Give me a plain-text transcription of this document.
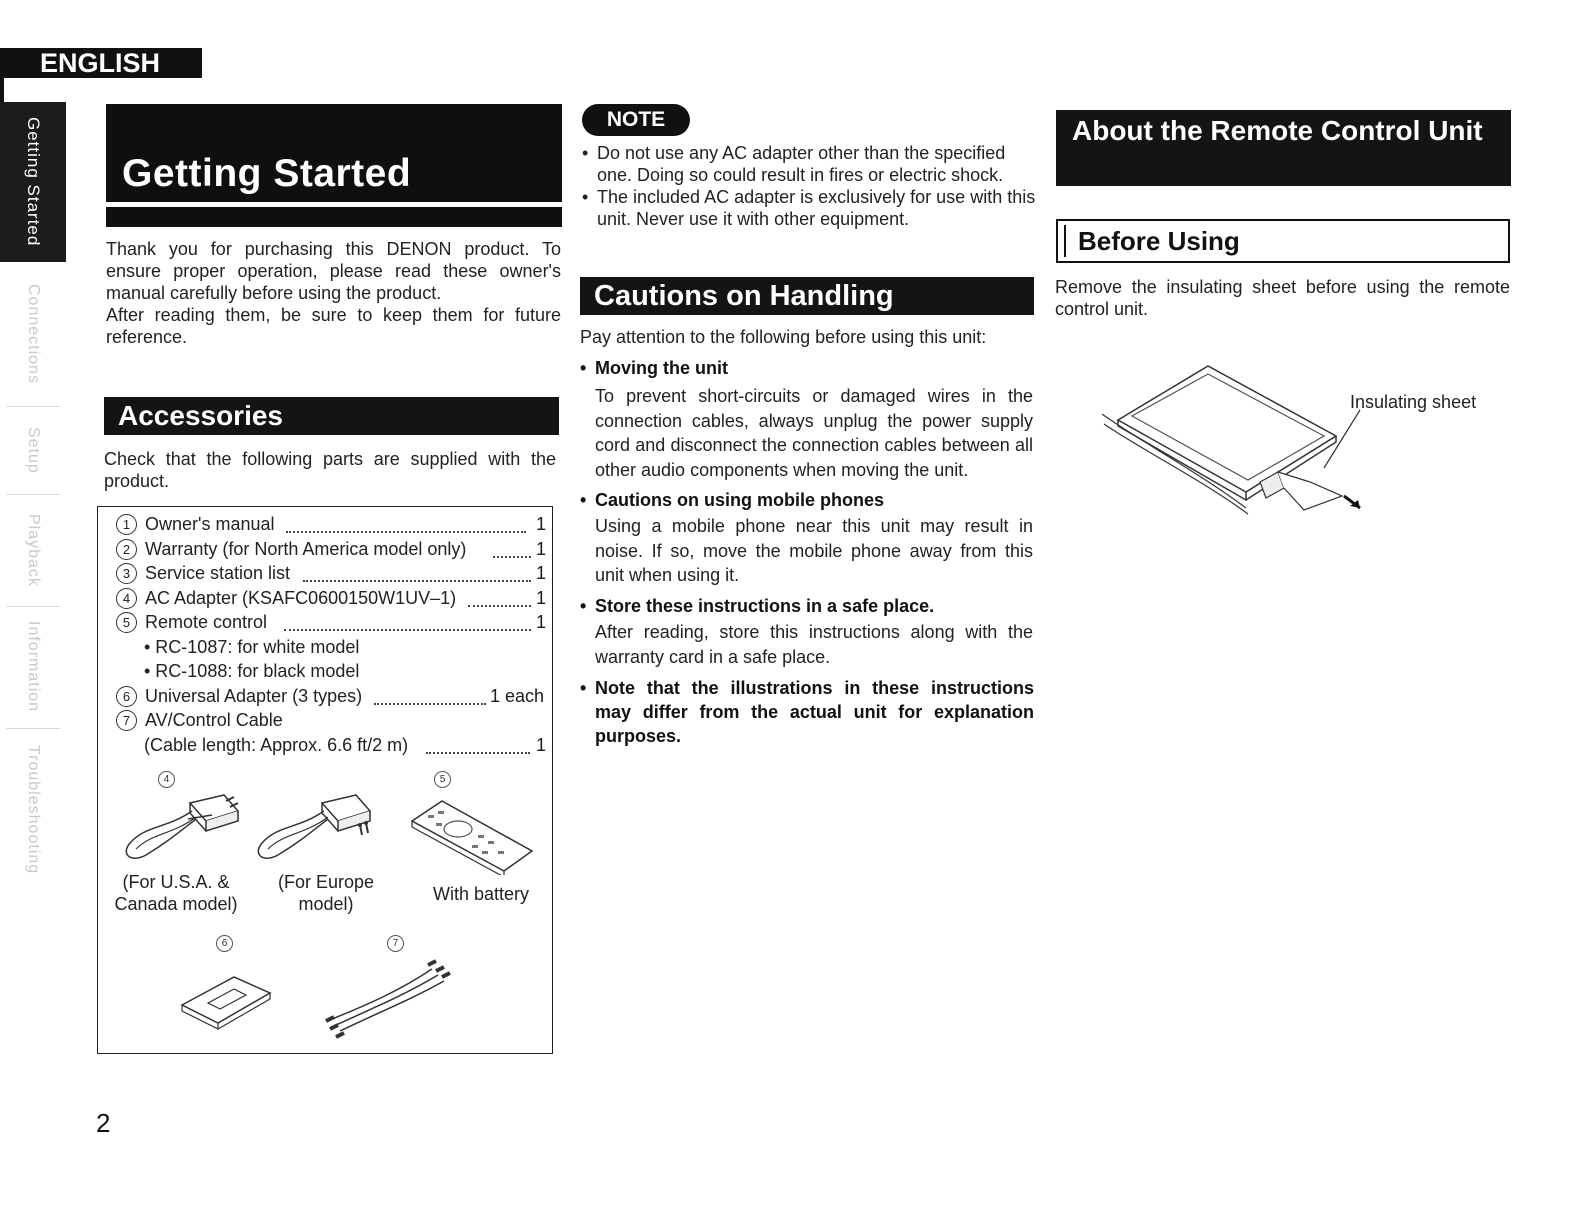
ENGLISH
Getting Started
Connections
Setup
Playback
Information
Troubleshooting
Getting Started
Thank you for purchasing this DENON product. To ensure proper operation, please read these owner's manual carefully before using the product.
After reading them, be sure to keep them for future reference.
Accessories
Check that the following parts are supplied with the product.
1 Owner's manual	1
2 Warranty (for North America model only)	1
3 Service station list	1
4 AC Adapter (KSAFC0600150W1UV–1)	1
5 Remote control	1
• RC-1087: for white model
• RC-1088: for black model
6 Universal Adapter (3 types)	1 each
7 AV/Control Cable
(Cable length: Approx. 6.6 ft/2 m)	1
4	5
6	7
(For U.S.A. & Canada model)
(For Europe model)	With battery
NOTE
• Do not use any AC adapter other than the specified one. Doing so could result in fires or electric shock.
• The included AC adapter is exclusively for use with this unit. Never use it with other equipment.
Cautions on Handling
Pay attention to the following before using this unit:
• Moving the unit
To prevent short-circuits or damaged wires in the connection cables, always unplug the power supply cord and disconnect the connection cables between all other audio components when moving the unit.
• Cautions on using mobile phones
Using a mobile phone near this unit may result in noise. If so, move the mobile phone away from this unit when using it.
• Store these instructions in a safe place.
After reading, store this instructions along with the warranty card in a safe place.
• Note that the illustrations in these instructions may differ from the actual unit for explanation purposes.
About the Remote Control Unit
Before Using
Remove the insulating sheet before using the remote control unit.
Insulating sheet
2
